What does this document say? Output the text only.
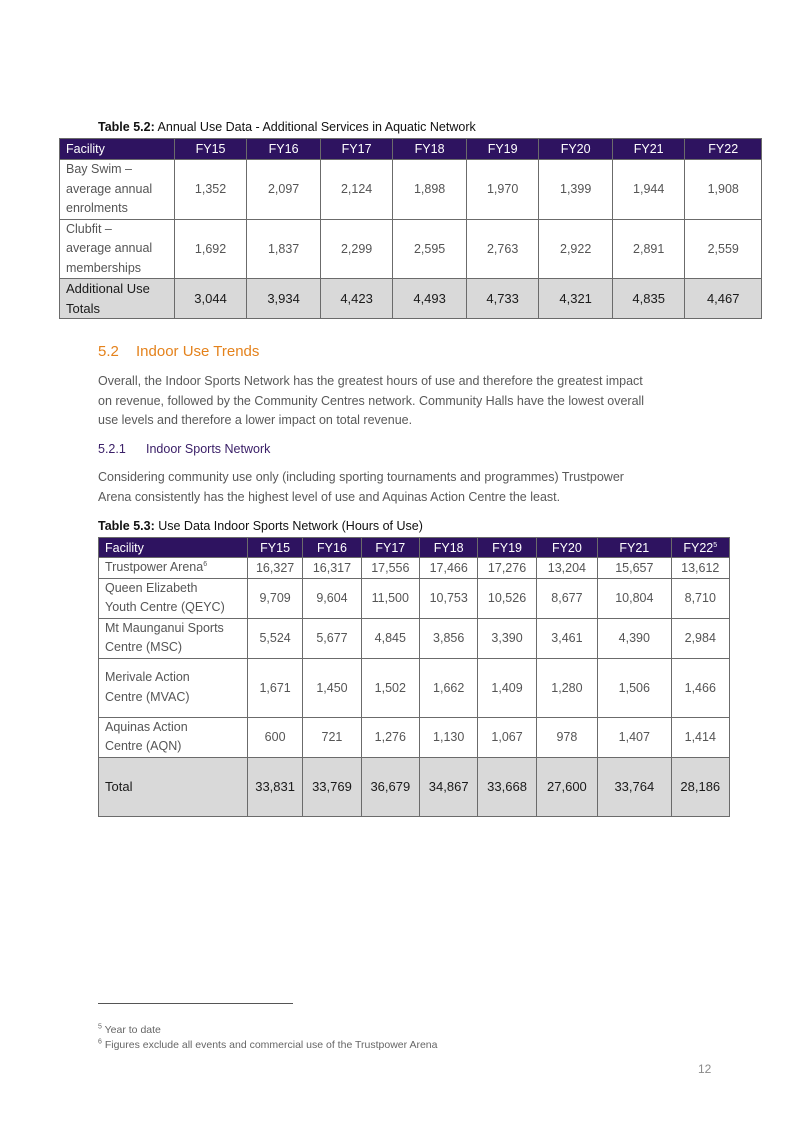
Table 5.2: Annual Use Data - Additional Services in Aquatic Network
Facility	FY15	FY16	FY17	FY18	FY19	FY20	FY21	FY22

Bay Swim –
average annual
enrolments	1,352	2,097	2,124	1,898	1,970	1,399	1,944	1,908

Clubfit –
average annual
memberships	1,692	1,837	2,299	2,595	2,763	2,922	2,891	2,559

Additional Use
Totals	3,044	3,934	4,423	4,493	4,733	4,321	4,835	4,467
5.2 Indoor Use Trends
Overall, the Indoor Sports Network has the greatest hours of use and therefore the greatest impact
on revenue, followed by the Community Centres network. Community Halls have the lowest overall
use levels and therefore a lower impact on total revenue.
5.2.1 Indoor Sports Network
Considering community use only (including sporting tournaments and programmes) Trustpower
Arena consistently has the highest level of use and Aquinas Action Centre the least.
Table 5.3: Use Data Indoor Sports Network (Hours of Use)
Facility	FY15	FY16	FY17	FY18	FY19	FY20	FY21	$FY22^5$

Trustpower Arena$^6$	16,327	16,317	17,556	17,466	17,276	13,204	15,657	13,612

Queen Elizabeth
Youth Centre (QEYC)	9,709	9,604	11,500	10,753	10,526	8,677	10,804	8,710

Mt Maunganui Sports
Centre (MSC)	5,524	5,677	4,845	3,856	3,390	3,461	4,390	2,984

Merivale Action
Centre (MVAC)	1,671	1,450	1,502	1,662	1,409	1,280	1,506	1,466

Aquinas Action
Centre (AQN)	600	721	1,276	1,130	1,067	978	1,407	1,414

Total	33,831	33,769	36,679	34,867	33,668	27,600	33,764	28,186
$^5$ Year to date
$^6$ Figures exclude all events and commercial use of the Trustpower Arena
12
